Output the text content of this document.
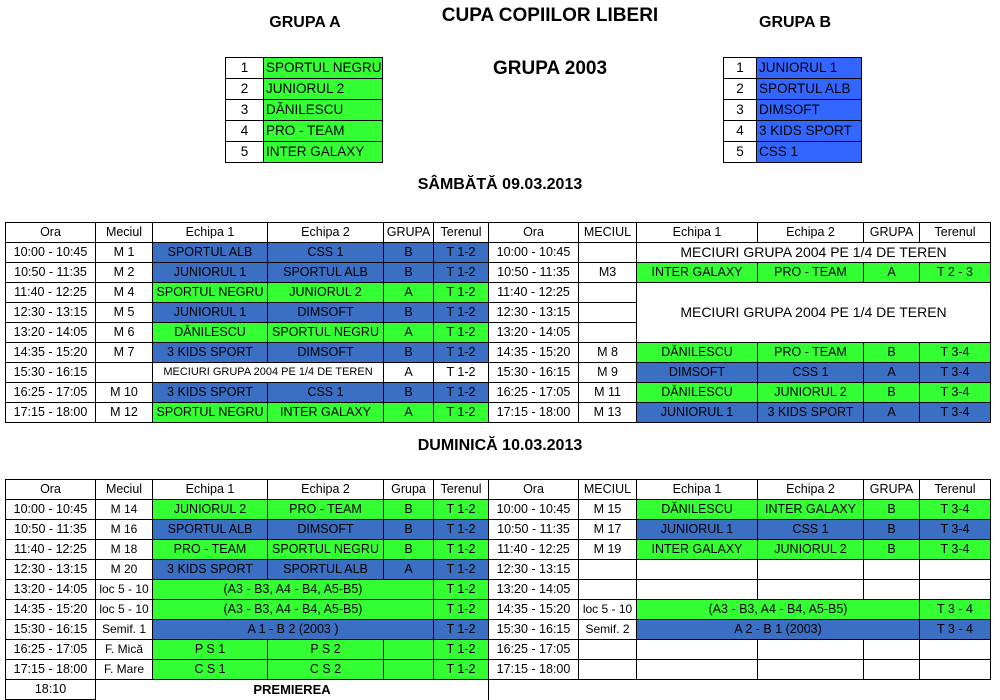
GRUPA A	CUPA COPIILOR LIBERI
GRUPA 2003
GRUPA B
1	SPORTUL NEGRU
2	JUNIORUL 2
3	DĂNILESCU
4	PRO - TEAM
5	INTER GALAXY
1	JUNIORUL 1
2	SPORTUL ALB
3	DIMSOFT
4	3 KIDS SPORT
5	CSS 1
SÂMBĂTĂ 09.03.2013
Ora	Meciul	Echipa 1	Echipa 2	GRUPA	Terenul	Ora	MECIUL	Echipa 1	Echipa 2	GRUPA	Terenul
10:00 - 10:45	M 1	SPORTUL ALB	CSS 1	B	T 1-2	10:00 - 10:45		MECIURI GRUPA 2004 PE 1/4 DE TEREN			
10:50 - 11:35	M 2	JUNIORUL 1	SPORTUL ALB	B	T 1-2	10:50 - 11:35	M3	INTER GALAXY	PRO - TEAM	A	T 2 - 3
11:40 - 12:25	M 4	SPORTUL NEGRU	JUNIORUL 2	A	T 1-2	11:40 - 12:25		MECIURI GRUPA 2004 PE 1/4 DE TEREN			
12:30 - 13:15	M 5	JUNIORUL 1	DIMSOFT	B	T 1-2	12:30 - 13:15					
13:20 - 14:05	M 6	DĂNILESCU	SPORTUL NEGRU	A	T 1-2	13:20 - 14:05					
14:35 - 15:20	M 7	3 KIDS SPORT	DIMSOFT	B	T 1-2	14:35 - 15:20	M 8	DĂNILESCU	PRO - TEAM	B	T 3-4
15:30 - 16:15		MECIURI GRUPA 2004 PE 1/4 DE TEREN		A	T 1-2	15:30 - 16:15	M 9	DIMSOFT	CSS 1	A	T 3-4
16:25 - 17:05	M 10	3 KIDS SPORT	CSS 1	B	T 1-2	16:25 - 17:05	M 11	DĂNILESCU	JUNIORUL 2	B	T 3-4
17:15 - 18:00	M 12	SPORTUL NEGRU	INTER GALAXY	A	T 1-2	17:15 - 18:00	M 13	JUNIORUL 1	3 KIDS SPORT	A	T 3-4
DUMINICĂ 10.03.2013
Ora	Meciul	Echipa 1	Echipa 2	Grupa	Terenul	Ora	MECIUL	Echipa 1	Echipa 2	GRUPA	Terenul
10:00 - 10:45	M 14	JUNIORUL 2	PRO - TEAM	B	T 1-2	10:00 - 10:45	M 15	DĂNILESCU	INTER GALAXY	B	T 3-4
10:50 - 11:35	M 16	SPORTUL ALB	DIMSOFT	B	T 1-2	10:50 - 11:35	M 17	JUNIORUL 1	CSS 1	B	T 3-4
11:40 - 12:25	M 18	PRO - TEAM	SPORTUL NEGRU	B	T 1-2	11:40 - 12:25	M 19	INTER GALAXY	JUNIORUL 2	B	T 3-4
12:30 - 13:15	M 20	3 KIDS SPORT	SPORTUL ALB	A	T 1-2	12:30 - 13:15					
13:20 - 14:05	loc 5 - 10	(A3 - B3, A4 - B4, A5-B5)			T 1-2	13:20 - 14:05					
14:35 - 15:20	loc 5 - 10	(A3 - B3, A4 - B4, A5-B5)			T 1-2	14:35 - 15:20	loc 5 - 10	(A3 - B3, A4 - B4, A5-B5)			T 3 - 4
15:30 - 16:15	Semif. 1	A 1 - B 2 (2003 )			T 1-2	15:30 - 16:15	Semif. 2	A 2 - B 1 (2003)			T 3 - 4
16:25 - 17:05	F. Mică	P S 1	P S 2		T 1-2	16:25 - 17:05					
17:15 - 18:00	F. Mare	C S 1	C S 2		T 1-2	17:15 - 18:00					
18:10	PREMIEREA										
